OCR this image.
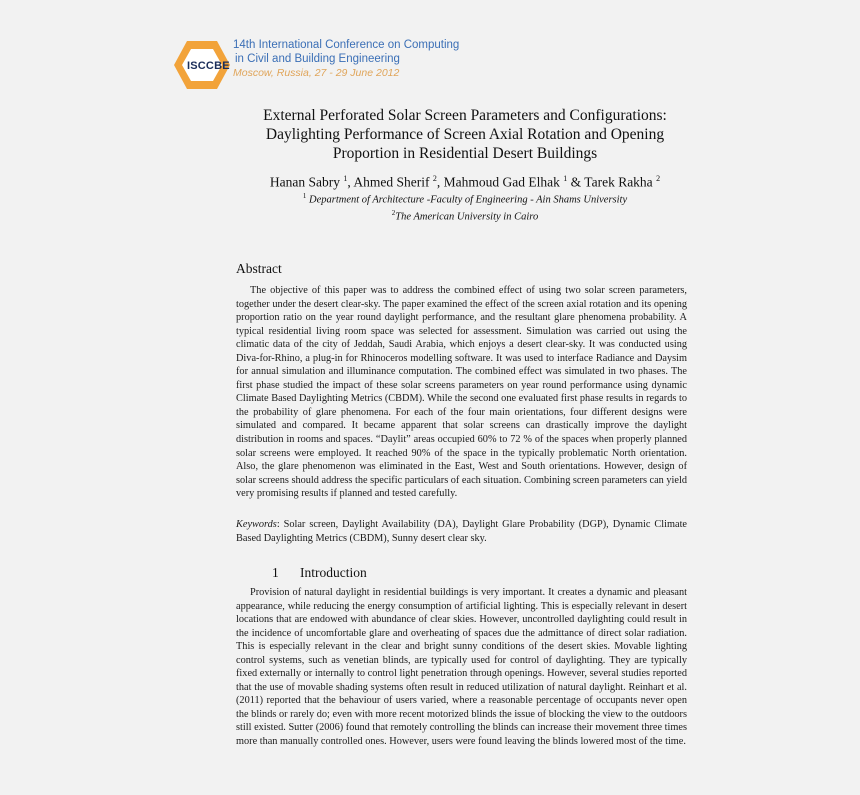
ISCCBE
14th International Conference on Computing
in Civil and Building Engineering
Moscow, Russia, 27 - 29 June 2012
External Perforated Solar Screen Parameters and Configurations:
Daylighting Performance of Screen Axial Rotation and Opening
Proportion in Residential Desert Buildings
Hanan Sabry $^1$, Ahmed Sherif $^2$, Mahmoud Gad Elhak $^1$ & Tarek Rakha $^2$
$^1$ Department of Architecture -Faculty of Engineering - Ain Shams University
$^2$The American University in Cairo
Abstract
The objective of this paper was to address the combined effect of using two solar screen parameters, together under the desert clear-sky. The paper examined the effect of the screen axial rotation and its opening proportion ratio on the year round daylight performance, and the resultant glare phenomena probability. A typical residential living room space was selected for assessment. Simulation was carried out using the climatic data of the city of Jeddah, Saudi Arabia, which enjoys a desert clear-sky. It was conducted using Diva-for-Rhino, a plug-in for Rhinoceros modelling software. It was used to interface Radiance and Daysim for annual simulation and illuminance computation. The combined effect was simulated in two phases. The first phase studied the impact of these solar screens parameters on year round performance using dynamic Climate Based Daylighting Metrics (CBDM). While the second one evaluated first phase results in regards to the probability of glare phenomena. For each of the four main orientations, four different designs were simulated and compared. It became apparent that solar screens can drastically improve the daylight distribution in rooms and spaces. “Daylit” areas occupied 60% to 72 % of the spaces when properly planned solar screens were employed. It reached 90% of the space in the typically problematic North orientation. Also, the glare phenomenon was eliminated in the East, West and South orientations. However, design of solar screens should address the specific particulars of each situation. Combining screen parameters can yield very promising results if planned and tested carefully.
Keywords: Solar screen, Daylight Availability (DA), Daylight Glare Probability (DGP), Dynamic Climate Based Daylighting Metrics (CBDM), Sunny desert clear sky.
1 Introduction
Provision of natural daylight in residential buildings is very important. It creates a dynamic and pleasant appearance, while reducing the energy consumption of artificial lighting. This is especially relevant in desert locations that are endowed with abundance of clear skies. However, uncontrolled daylighting could result in the incidence of uncomfortable glare and overheating of spaces due the admittance of direct solar radiation. This is especially relevant in the clear and bright sunny conditions of the desert skies. Movable lighting control systems, such as venetian blinds, are typically used for control of daylighting. They are typically fixed externally or internally to control light penetration through openings. However, several studies reported that the use of movable shading systems often result in reduced utilization of natural daylight. Reinhart et al. (2011) reported that the behaviour of users varied, where a reasonable percentage of occupants never open the blinds or rarely do; even with more recent motorized blinds the issue of blocking the view to the outdoors still existed. Sutter (2006) found that remotely controlling the blinds can increase their movement three times more than manually controlled ones. However, users were found leaving the blinds lowered most of the time.
